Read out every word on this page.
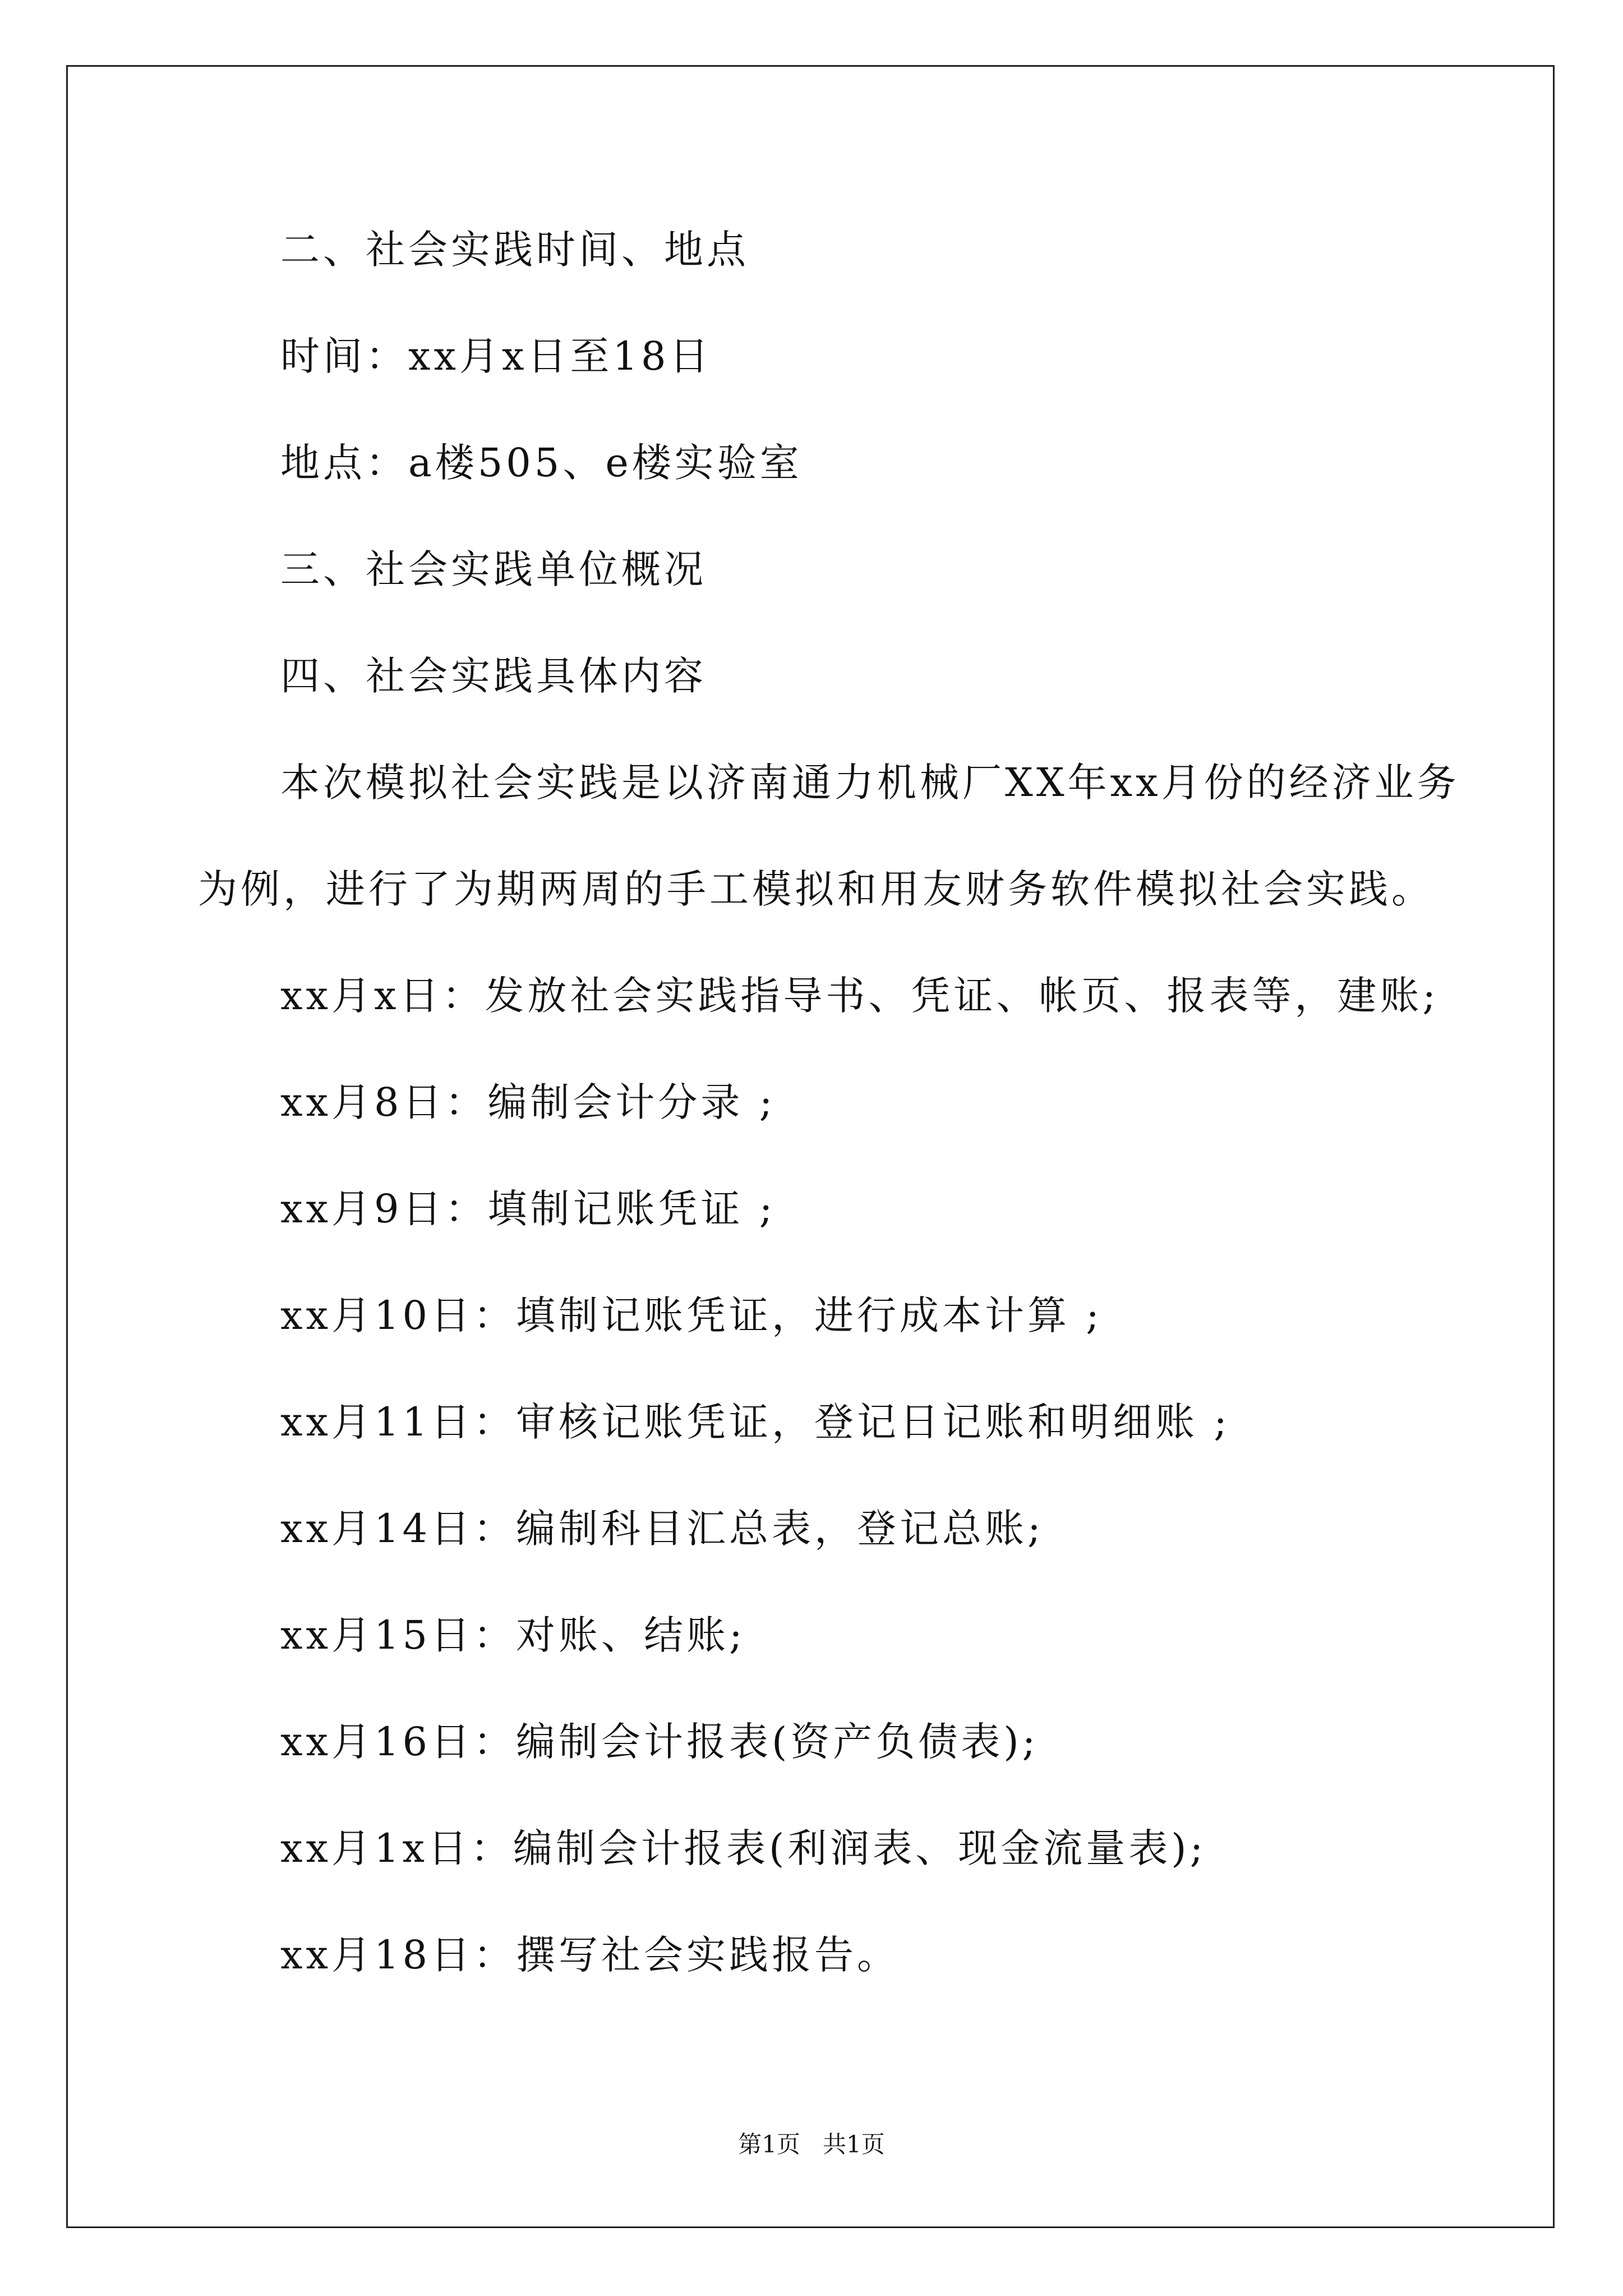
二、社会实践时间、地点
时间：xx月x日至18日
地点：a楼505、e楼实验室
三、社会实践单位概况
四、社会实践具体内容
本次模拟社会实践是以济南通力机械厂XX年xx月份的经济业务
为例，进行了为期两周的手工模拟和用友财务软件模拟社会实践。
xx月x日：发放社会实践指导书、凭证、帐页、报表等，建账;
xx月8日：编制会计分录 ;
xx月9日：填制记账凭证 ;
xx月10日：填制记账凭证，进行成本计算 ;
xx月11日：审核记账凭证，登记日记账和明细账 ;
xx月14日：编制科目汇总表，登记总账;
xx月15日：对账、结账;
xx月16日：编制会计报表(资产负债表);
xx月1x日：编制会计报表(利润表、现金流量表);
xx月18日：撰写社会实践报告。
第1页   共1页
